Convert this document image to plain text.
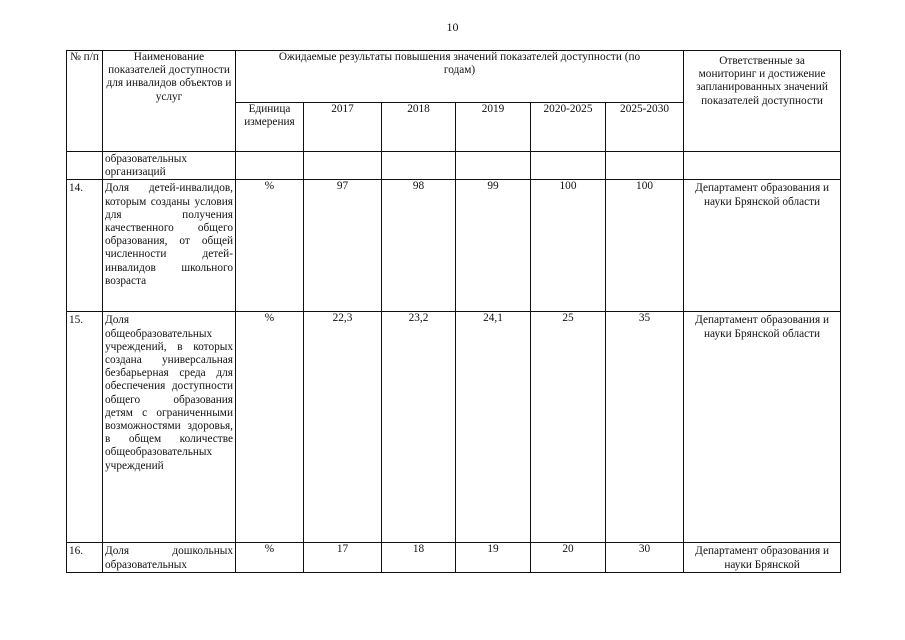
10
№ п/п	Наименование показателей доступности для инвалидов объектов и услуг	Ожидаемые результаты повышения значений показателей доступности (по годам)						Ответственные за мониторинг и достижение запланированных значений показателей доступности
		Единица измерения	2017	2018	2019	2020-2025	2025-2030	
	образовательных организаций							
14.	Доля детей-инвалидов, которым созданы условия для получения качественного общего образования, от общей численности детей-инвалидов школьного возраста	%	97	98	99	100	100	Департамент образования и науки Брянской области
15.	Доля общеобразовательных учреждений, в которых создана универсальная безбарьерная среда для обеспечения доступности общего образования детям с ограниченными возможностями здоровья, в общем количестве общеобразовательных учреждений	%	22,3	23,2	24,1	25	35	Департамент образования и науки Брянской области
16.	Доля дошкольных образовательных	%	17	18	19	20	30	Департамент образования и науки Брянской
